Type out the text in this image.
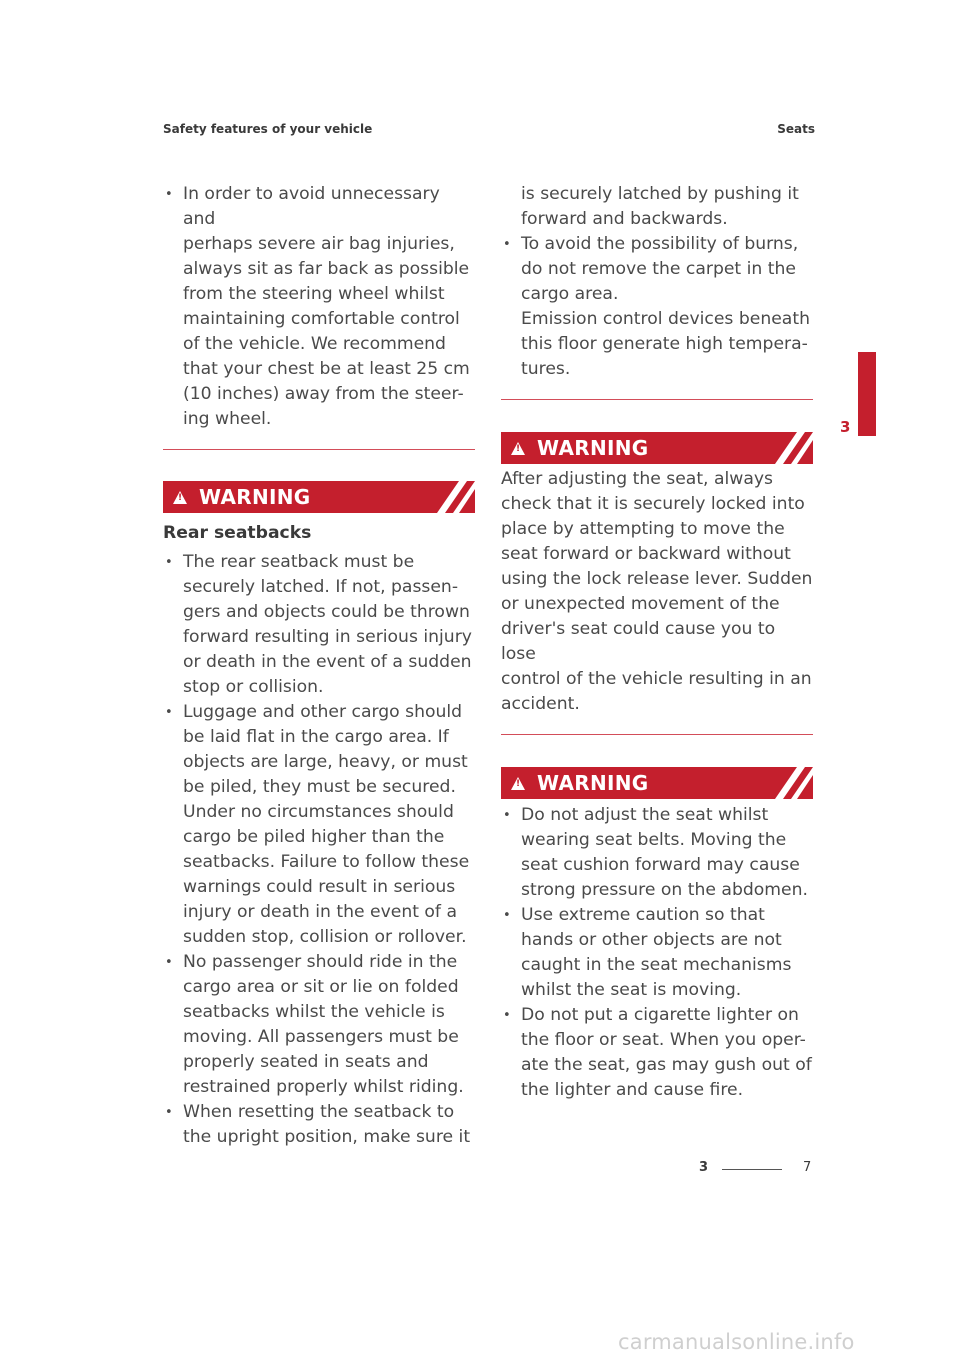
Safety features of your vehicle	Seats
• In order to avoid unnecessary and
perhaps severe air bag injuries,
always sit as far back as possible
from the steering wheel whilst
maintaining comfortable control
of the vehicle. We recommend
that your chest be at least 25 cm
(10 inches) away from the steer-
ing wheel.
!
WARNING
Rear seatbacks
• The rear seatback must be
securely latched. If not, passen-
gers and objects could be thrown
forward resulting in serious injury
or death in the event of a sudden
stop or collision.
• Luggage and other cargo should
be laid flat in the cargo area. If
objects are large, heavy, or must
be piled, they must be secured.
Under no circumstances should
cargo be piled higher than the
seatbacks. Failure to follow these
warnings could result in serious
injury or death in the event of a
sudden stop, collision or rollover.
• No passenger should ride in the
cargo area or sit or lie on folded
seatbacks whilst the vehicle is
moving. All passengers must be
properly seated in seats and
restrained properly whilst riding.
• When resetting the seatback to
the upright position, make sure it
is securely latched by pushing it
forward and backwards.
• To avoid the possibility of burns,
do not remove the carpet in the
cargo area.
Emission control devices beneath
this floor generate high tempera-
tures.
!
WARNING

After adjusting the seat, always

check that it is securely locked into

place by attempting to move the

seat forward or backward without

using the lock release lever. Sudden

or unexpected movement of the

driver's seat could cause you to lose

control of the vehicle resulting in an

accident.

!
WARNING
• Do not adjust the seat whilst
wearing seat belts. Moving the
seat cushion forward may cause
strong pressure on the abdomen.
• Use extreme caution so that
hands or other objects are not
caught in the seat mechanisms
whilst the seat is moving.
• Do not put a cigarette lighter on
the floor or seat. When you oper-
ate the seat, gas may gush out of
the lighter and cause fire.
3
3	7
carmanualsonline.info
